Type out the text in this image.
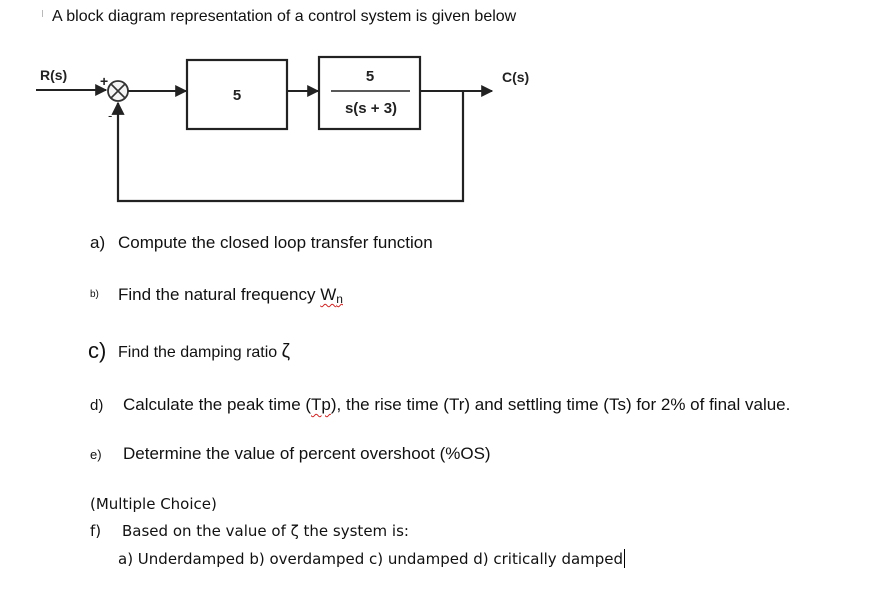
A block diagram representation of a control system is given below
+
-
5
5
s(s + 3)
R(s)	C(s)
a) Compute the closed loop transfer function
b) Find the natural frequency $W_n$
c) Find the damping ratio ζ
d) Calculate the peak time (Tp), the rise time (Tr) and settling time (Ts) for 2% of final value.
e) Determine the value of percent overshoot (%OS)
(Multiple Choice)
f) Based on the value of ζ the system is:
a) Underdamped b) overdamped c) undamped d) critically damped
